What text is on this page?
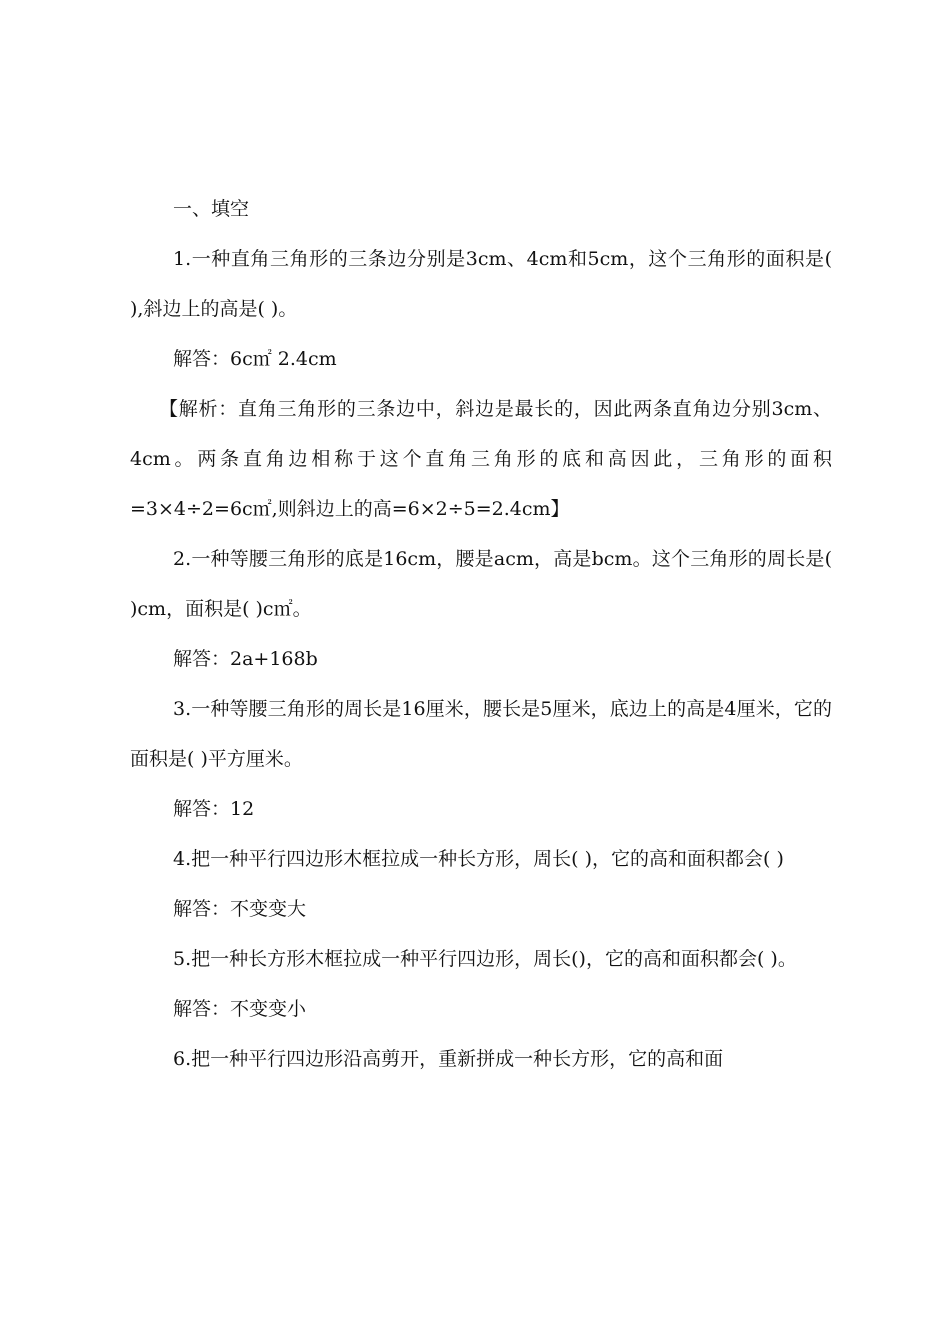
一、填空

1.一种直角三角形的三条边分别是3cm、4cm和5cm，这个三角形的面积是( ),斜边上的高是( )。

解答：6c㎡ 2.4cm

【解析：直角三角形的三条边中，斜边是最长的，因此两条直角边分别3cm、4cm。两条直角边相称于这个直角三角形的底和高因此，三角形的面积=3×4÷2=6c㎡,则斜边上的高=6×2÷5=2.4cm】

2.一种等腰三角形的底是16cm，腰是acm，高是bcm。这个三角形的周长是( )cm，面积是( )c㎡。

解答：2a+168b

3.一种等腰三角形的周长是16厘米，腰长是5厘米，底边上的高是4厘米，它的面积是( )平方厘米。

解答：12

4.把一种平行四边形木框拉成一种长方形，周长( )，它的高和面积都会( )

解答：不变变大

5.把一种长方形木框拉成一种平行四边形，周长()，它的高和面积都会( )。

解答：不变变小

6.把一种平行四边形沿高剪开，重新拼成一种长方形，它的高和面
